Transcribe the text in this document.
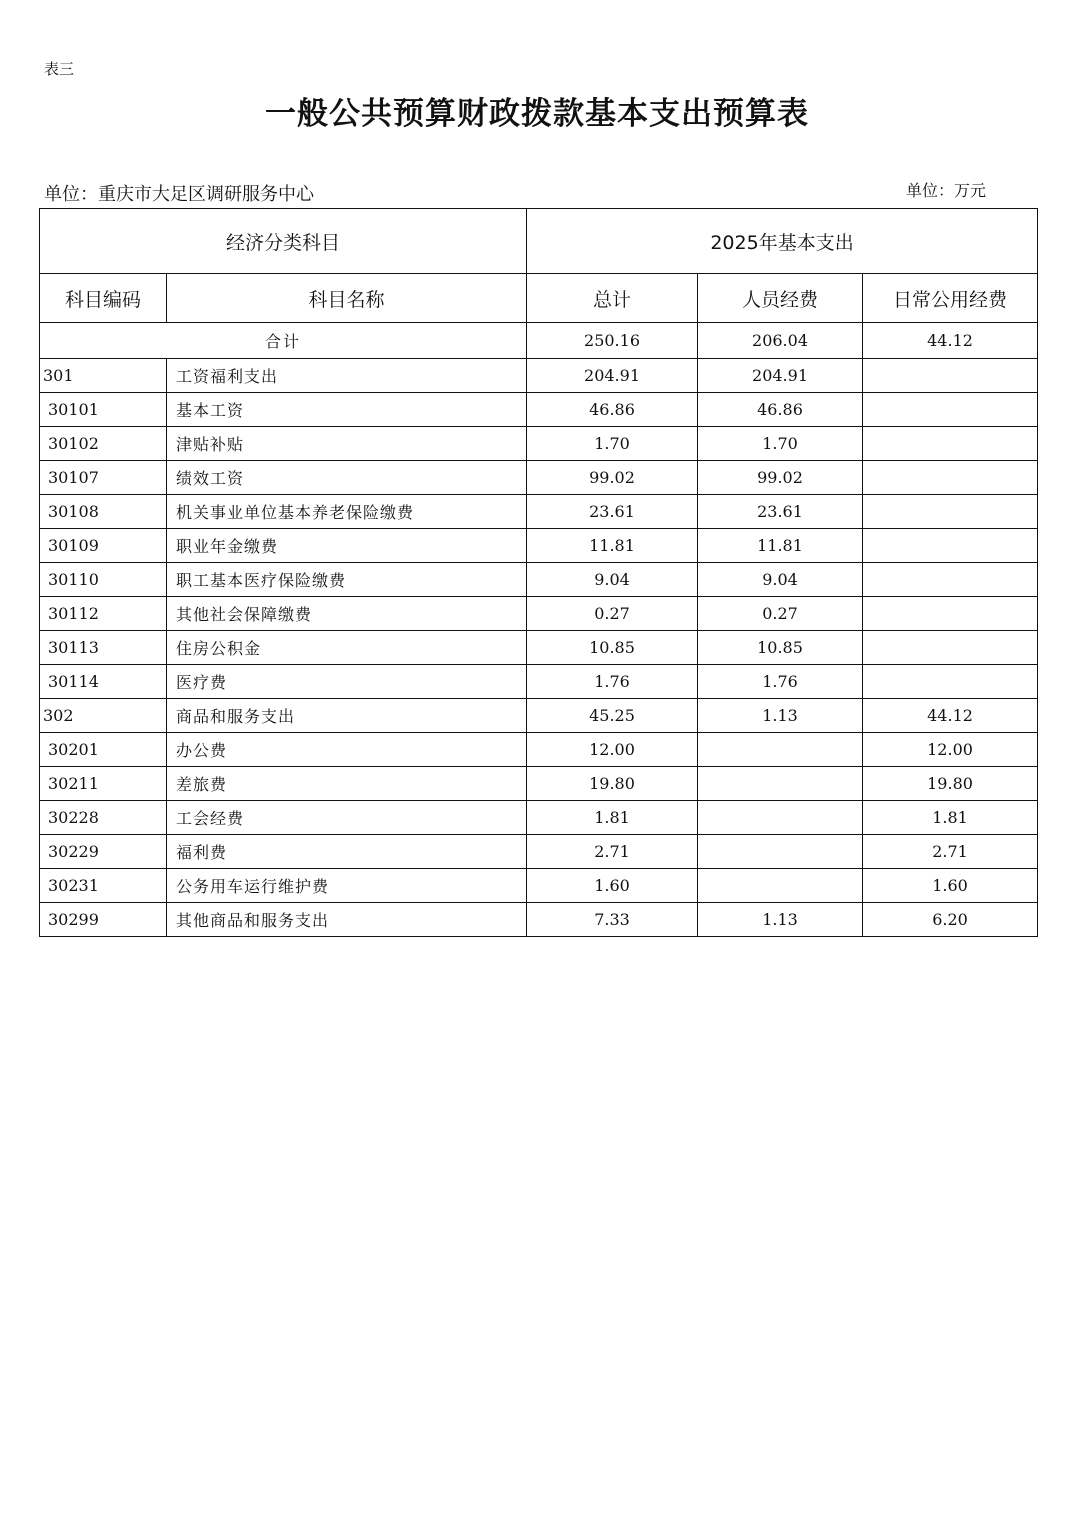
表三
一般公共预算财政拨款基本支出预算表
单位：重庆市大足区调研服务中心	单位：万元
经济分类科目		2025年基本支出		
科目编码	科目名称	总计	人员经费	日常公用经费
合计		250.16	206.04	44.12
301	工资福利支出	204.91	204.91	
30101	基本工资	46.86	46.86	
30102	津贴补贴	1.70	1.70	
30107	绩效工资	99.02	99.02	
30108	机关事业单位基本养老保险缴费	23.61	23.61	
30109	职业年金缴费	11.81	11.81	
30110	职工基本医疗保险缴费	9.04	9.04	
30112	其他社会保障缴费	0.27	0.27	
30113	住房公积金	10.85	10.85	
30114	医疗费	1.76	1.76	
302	商品和服务支出	45.25	1.13	44.12
30201	办公费	12.00		12.00
30211	差旅费	19.80		19.80
30228	工会经费	1.81		1.81
30229	福利费	2.71		2.71
30231	公务用车运行维护费	1.60		1.60
30299	其他商品和服务支出	7.33	1.13	6.20
